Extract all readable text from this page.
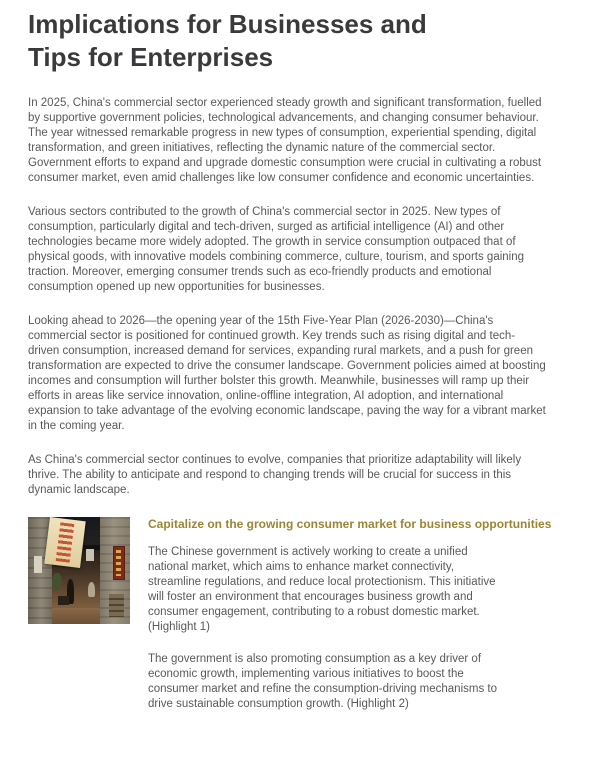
Implications for Businesses and Tips for Enterprises

In 2025, China's commercial sector experienced steady growth and significant transformation, fuelled by supportive government policies, technological advancements, and changing consumer behaviour. The year witnessed remarkable progress in new types of consumption, experiential spending, digital transformation, and green initiatives, reflecting the dynamic nature of the commercial sector. Government efforts to expand and upgrade domestic consumption were crucial in cultivating a robust consumer market, even amid challenges like low consumer confidence and economic uncertainties.

Various sectors contributed to the growth of China's commercial sector in 2025. New types of consumption, particularly digital and tech-driven, surged as artificial intelligence (AI) and other technologies became more widely adopted. The growth in service consumption outpaced that of physical goods, with innovative models combining commerce, culture, tourism, and sports gaining traction. Moreover, emerging consumer trends such as eco-friendly products and emotional consumption opened up new opportunities for businesses.

Looking ahead to 2026—the opening year of the 15th Five-Year Plan (2026-2030)—China's commercial sector is positioned for continued growth. Key trends such as rising digital and tech-driven consumption, increased demand for services, expanding rural markets, and a push for green transformation are expected to drive the consumer landscape. Government policies aimed at boosting incomes and consumption will further bolster this growth. Meanwhile, businesses will ramp up their efforts in areas like service innovation, online-offline integration, AI adoption, and international expansion to take advantage of the evolving economic landscape, paving the way for a vibrant market in the coming year.

As China's commercial sector continues to evolve, companies that prioritize adaptability will likely thrive. The ability to anticipate and respond to changing trends will be crucial for success in this dynamic landscape.

Capitalize on the growing consumer market for business opportunities

The Chinese government is actively working to create a unified national market, which aims to enhance market connectivity, streamline regulations, and reduce local protectionism. This initiative will foster an environment that encourages business growth and consumer engagement, contributing to a robust domestic market. (Highlight 1)

The government is also promoting consumption as a key driver of economic growth, implementing various initiatives to boost the consumer market and refine the consumption-driving mechanisms to drive sustainable consumption growth. (Highlight 2)
